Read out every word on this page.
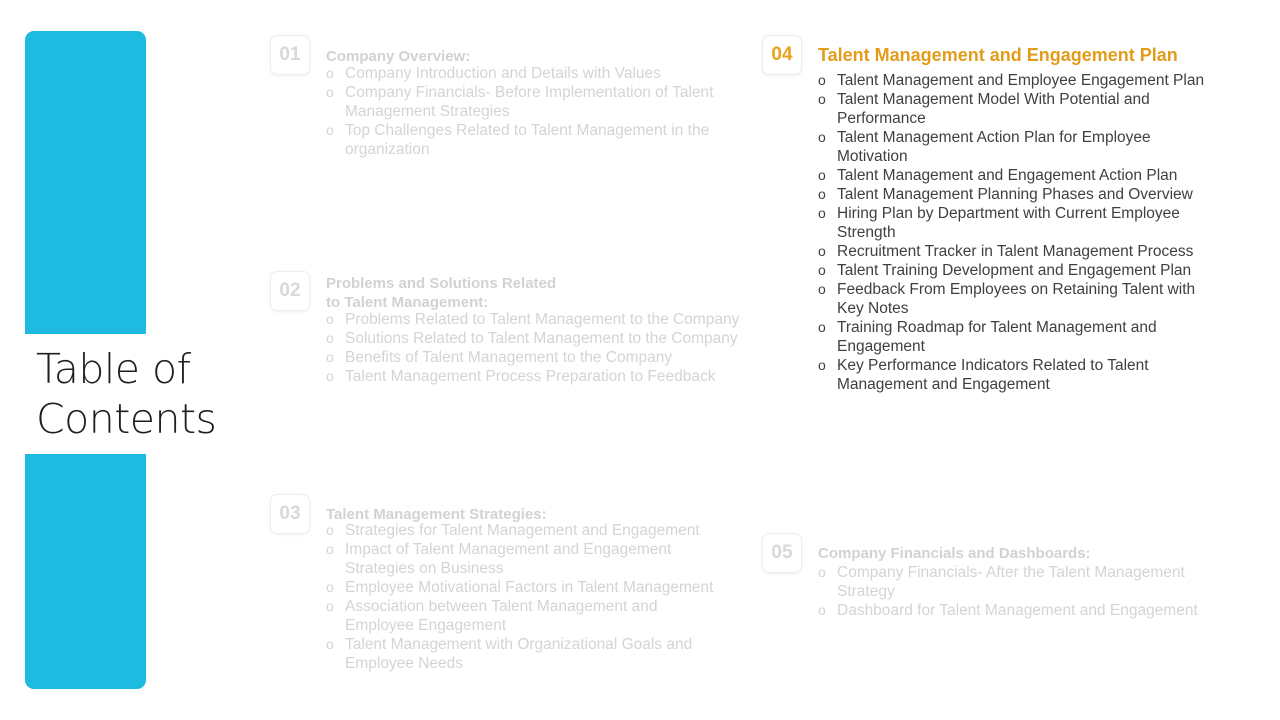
Table of
Contents
01	Company Overview:
o Company Introduction and Details with Values
o Company Financials- Before Implementation of Talent Management Strategies
o Top Challenges Related to Talent Management in the organization
02	Problems and Solutions Related
to Talent Management:
o Problems Related to Talent Management to the Company
o Solutions Related to Talent Management to the Company
o Benefits of Talent Management to the Company
o Talent Management Process Preparation to Feedback
03	Talent Management Strategies:
o Strategies for Talent Management and Engagement
o Impact of Talent Management and Engagement Strategies on Business
o Employee Motivational Factors in Talent Management
o Association between Talent Management and Employee Engagement
o Talent Management with Organizational Goals and Employee Needs
04	Talent Management and Engagement Plan
o Talent Management and Employee Engagement Plan
o Talent Management Model With Potential and Performance
o Talent Management Action Plan for Employee Motivation
o Talent Management and Engagement Action Plan
o Talent Management Planning Phases and Overview
o Hiring Plan by Department with Current Employee Strength
o Recruitment Tracker in Talent Management Process
o Talent Training Development and Engagement Plan
o Feedback From Employees on Retaining Talent with Key Notes
o Training Roadmap for Talent Management and Engagement
o Key Performance Indicators Related to Talent Management and Engagement
05	Company Financials and Dashboards:
o Company Financials- After the Talent Management Strategy
o Dashboard for Talent Management and Engagement
